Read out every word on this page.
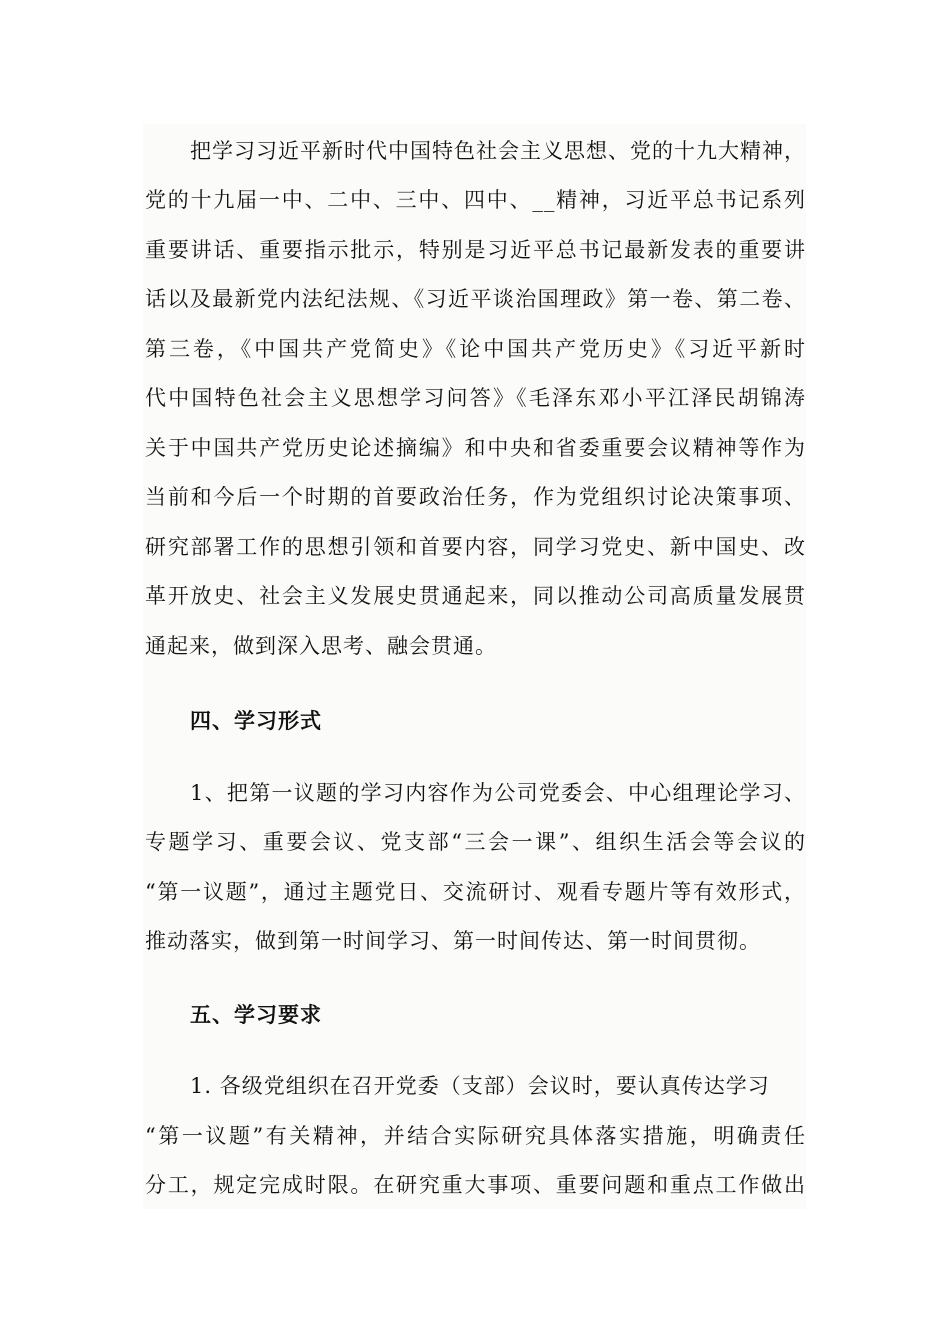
把学习习近平新时代中国特色社会主义思想、党的十九大精神，
党的十九届一中、二中、三中、四中、__精神，习近平总书记系列
重要讲话、重要指示批示，特别是习近平总书记最新发表的重要讲
话以及最新党内法纪法规、《习近平谈治国理政》第一卷、第二卷、
第三卷，《中国共产党简史》《论中国共产党历史》《习近平新时
代中国特色社会主义思想学习问答》《毛泽东邓小平江泽民胡锦涛
关于中国共产党历史论述摘编》和中央和省委重要会议精神等作为
当前和今后一个时期的首要政治任务，作为党组织讨论决策事项、
研究部署工作的思想引领和首要内容，同学习党史、新中国史、改
革开放史、社会主义发展史贯通起来，同以推动公司高质量发展贯
通起来，做到深入思考、融会贯通。
四、学习形式
1、把第一议题的学习内容作为公司党委会、中心组理论学习、
专题学习、重要会议、党支部“三会一课”、组织生活会等会议的
“第一议题”，通过主题党日、交流研讨、观看专题片等有效形式，
推动落实，做到第一时间学习、第一时间传达、第一时间贯彻。
五、学习要求
1. 各级党组织在召开党委（支部）会议时，要认真传达学习
“第一议题”有关精神，并结合实际研究具体落实措施，明确责任
分工，规定完成时限。在研究重大事项、重要问题和重点工作做出
